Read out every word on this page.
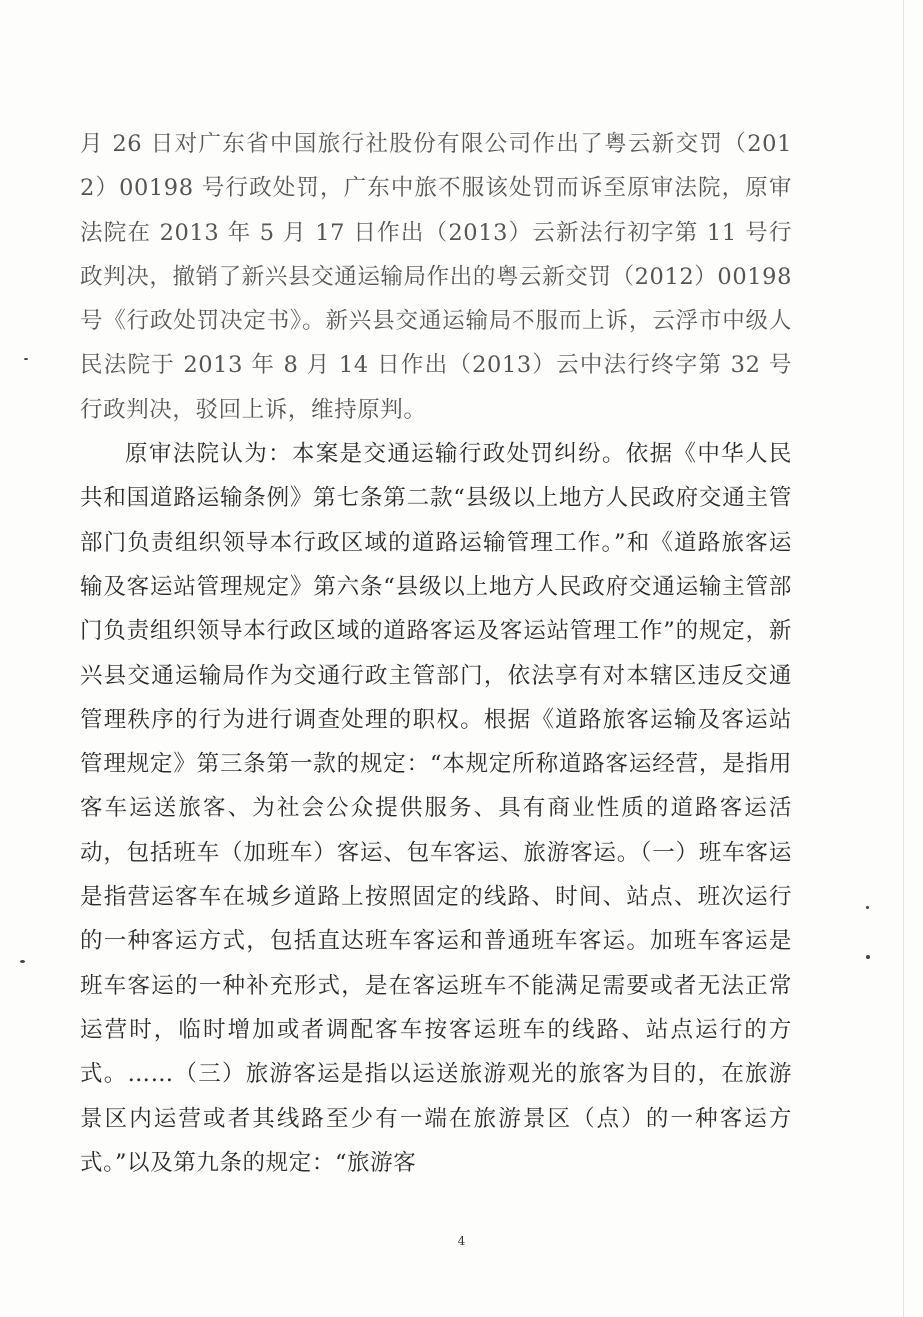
月 26 日对广东省中国旅行社股份有限公司作出了粤云新交罚（2012）00198 号行政处罚，广东中旅不服该处罚而诉至原审法院，原审法院在 2013 年 5 月 17 日作出（2013）云新法行初字第 11 号行政判决，撤销了新兴县交通运输局作出的粤云新交罚（2012）00198 号《行政处罚决定书》。新兴县交通运输局不服而上诉，云浮市中级人民法院于 2013 年 8 月 14 日作出（2013）云中法行终字第 32 号行政判决，驳回上诉，维持原判。

原审法院认为：本案是交通运输行政处罚纠纷。依据《中华人民共和国道路运输条例》第七条第二款“县级以上地方人民政府交通主管部门负责组织领导本行政区域的道路运输管理工作。”和《道路旅客运输及客运站管理规定》第六条“县级以上地方人民政府交通运输主管部门负责组织领导本行政区域的道路客运及客运站管理工作”的规定，新兴县交通运输局作为交通行政主管部门，依法享有对本辖区违反交通管理秩序的行为进行调查处理的职权。根据《道路旅客运输及客运站管理规定》第三条第一款的规定：“本规定所称道路客运经营，是指用客车运送旅客、为社会公众提供服务、具有商业性质的道路客运活动，包括班车（加班车）客运、包车客运、旅游客运。（一）班车客运是指营运客车在城乡道路上按照固定的线路、时间、站点、班次运行的一种客运方式，包括直达班车客运和普通班车客运。加班车客运是班车客运的一种补充形式，是在客运班车不能满足需要或者无法正常运营时，临时增加或者调配客车按客运班车的线路、站点运行的方式。……（三）旅游客运是指以运送旅游观光的旅客为目的，在旅游景区内运营或者其线路至少有一端在旅游景区（点）的一种客运方式。”以及第九条的规定：“旅游客

4
